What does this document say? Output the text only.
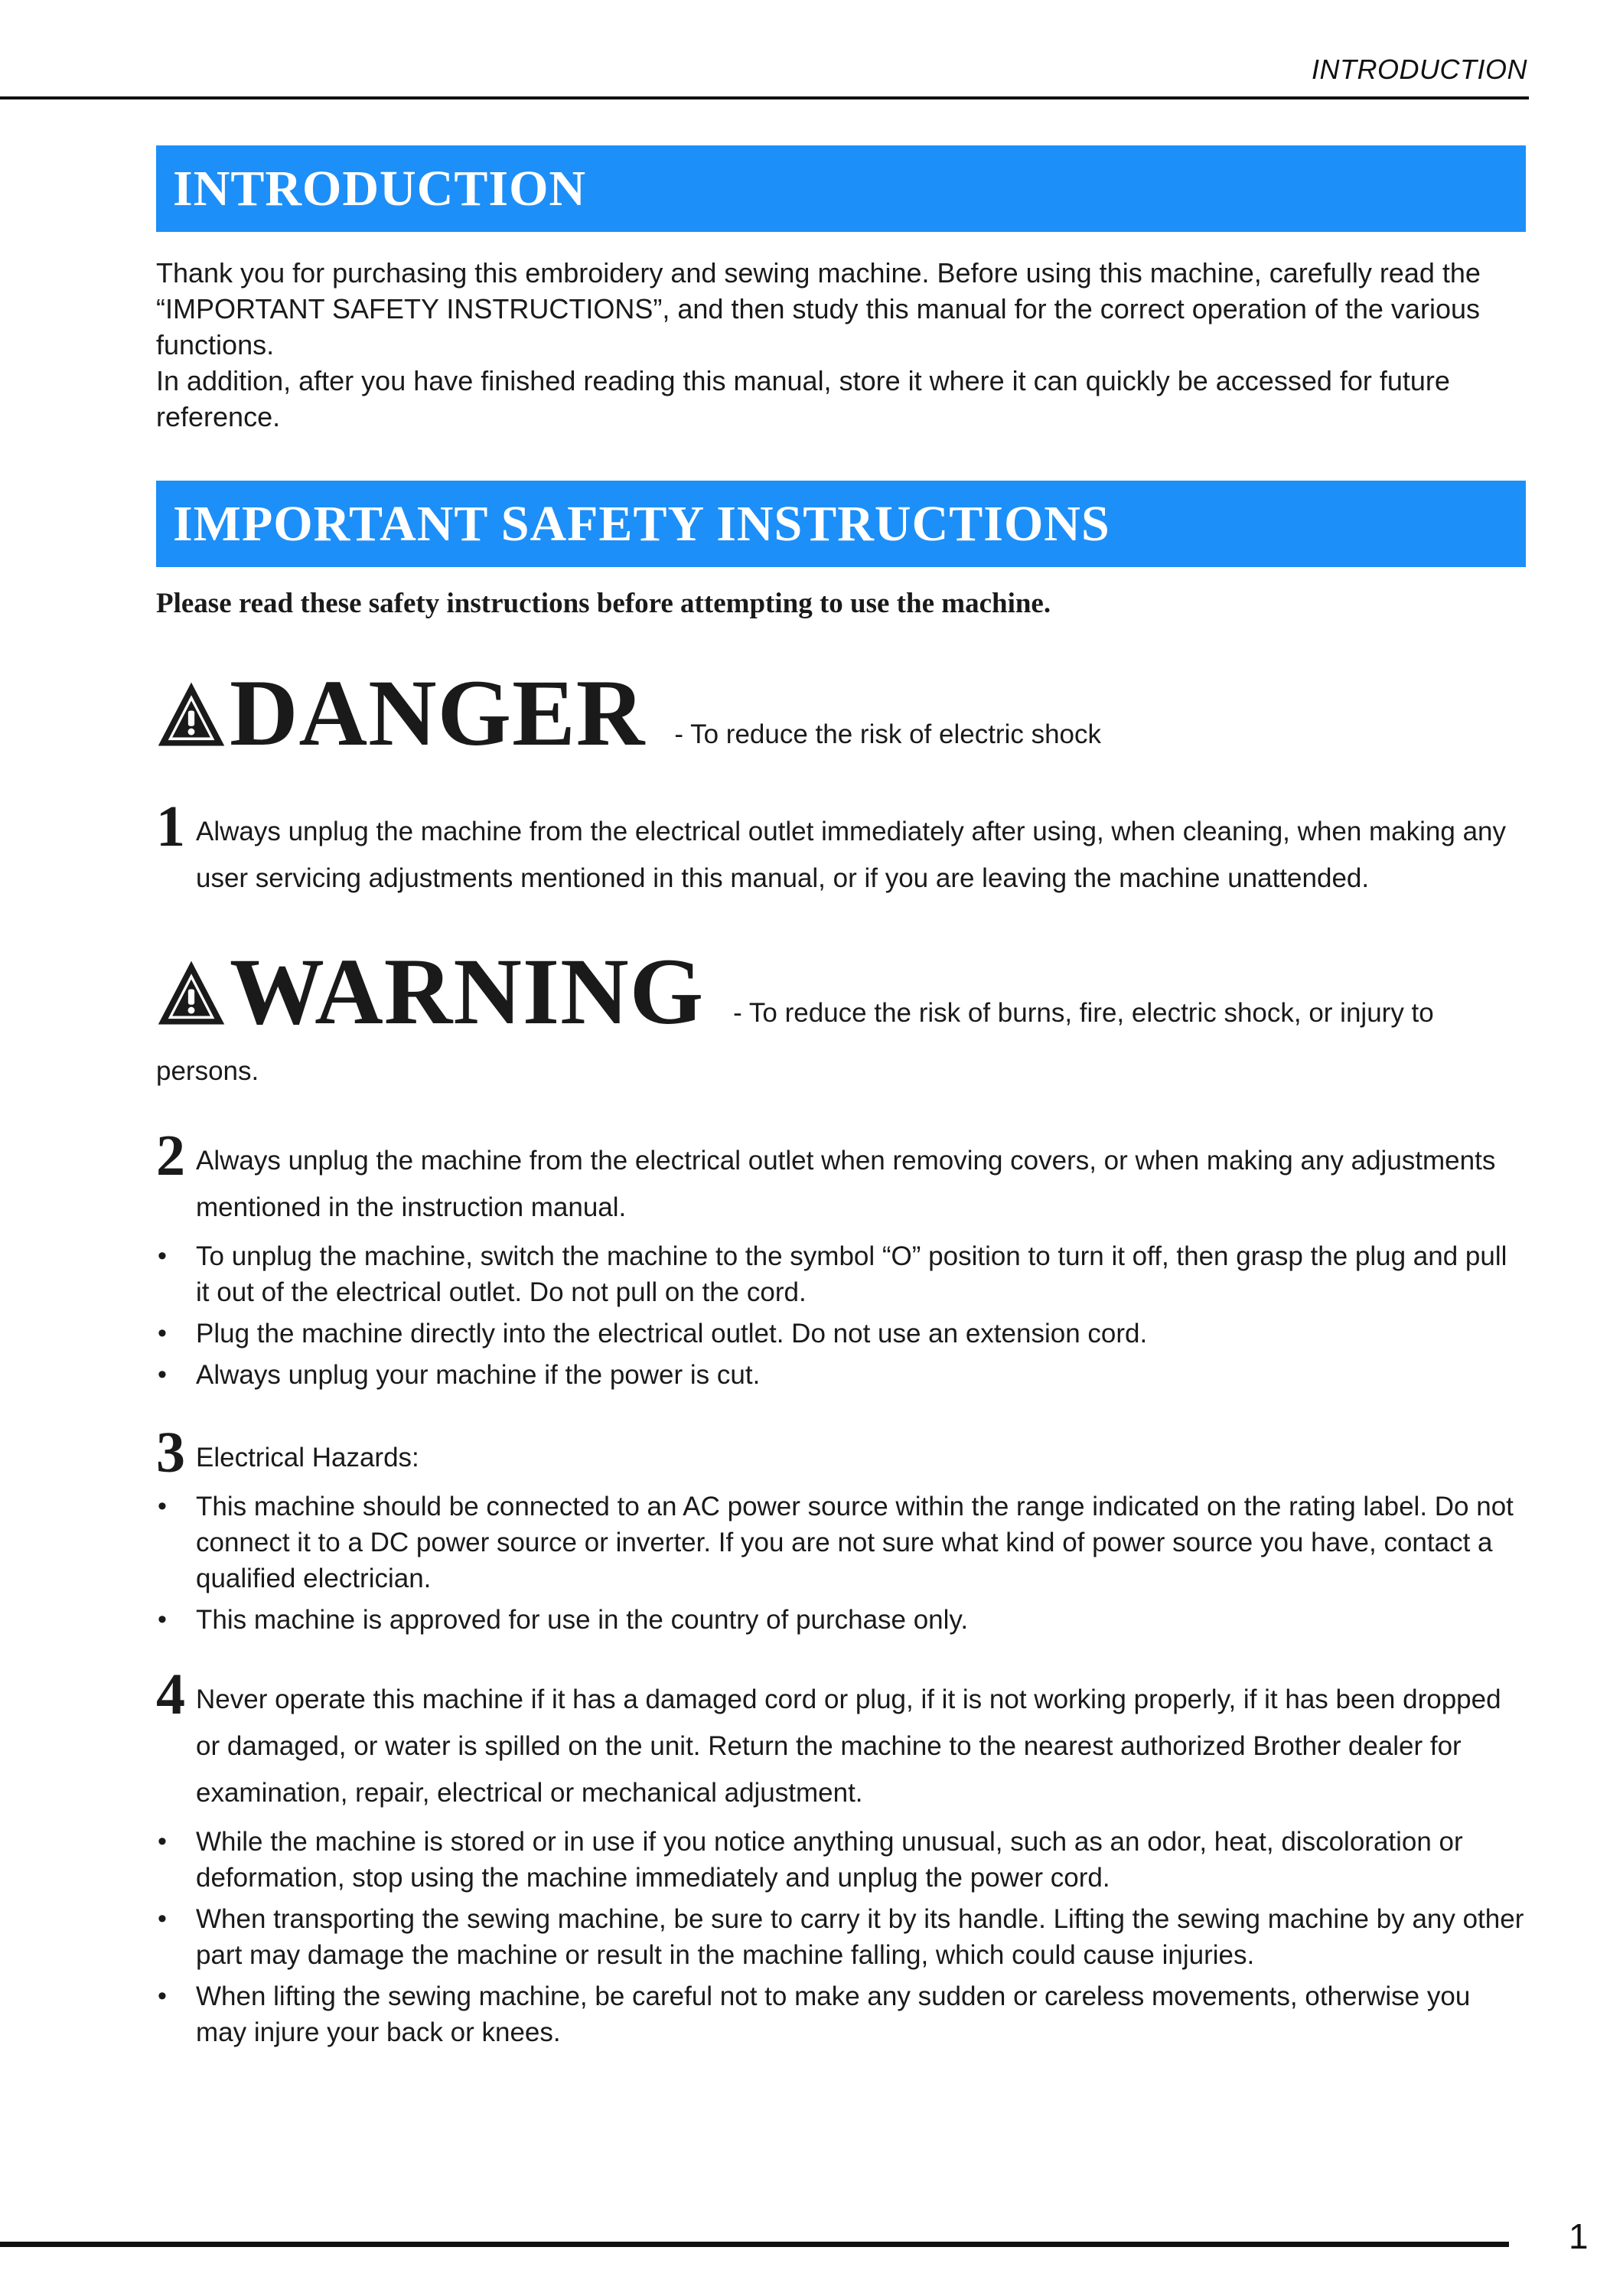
INTRODUCTION
INTRODUCTION

Thank you for purchasing this embroidery and sewing machine. Before using this machine, carefully read the “IMPORTANT SAFETY INSTRUCTIONS”, and then study this manual for the correct operation of the various functions.

In addition, after you have finished reading this manual, store it where it can quickly be accessed for future reference.

IMPORTANT SAFETY INSTRUCTIONS
Please read these safety instructions before attempting to use the machine.
DANGER - To reduce the risk of electric shock
1 Always unplug the machine from the electrical outlet immediately after using, when cleaning, when making any user servicing adjustments mentioned in this manual, or if you are leaving the machine unattended.
WARNING - To reduce the risk of burns, fire, electric shock, or injury to
persons.
2 Always unplug the machine from the electrical outlet when removing covers, or when making any adjustments mentioned in the instruction manual.
• To unplug the machine, switch the machine to the symbol “O” position to turn it off, then grasp the plug and pull it out of the electrical outlet. Do not pull on the cord.
• Plug the machine directly into the electrical outlet. Do not use an extension cord.
• Always unplug your machine if the power is cut.
3 Electrical Hazards:
• This machine should be connected to an AC power source within the range indicated on the rating label. Do not connect it to a DC power source or inverter. If you are not sure what kind of power source you have, contact a qualified electrician.
• This machine is approved for use in the country of purchase only.
4 Never operate this machine if it has a damaged cord or plug, if it is not working properly, if it has been dropped or damaged, or water is spilled on the unit. Return the machine to the nearest authorized Brother dealer for examination, repair, electrical or mechanical adjustment.
• While the machine is stored or in use if you notice anything unusual, such as an odor, heat, discoloration or deformation, stop using the machine immediately and unplug the power cord.
• When transporting the sewing machine, be sure to carry it by its handle. Lifting the sewing machine by any other part may damage the machine or result in the machine falling, which could cause injuries.
• When lifting the sewing machine, be careful not to make any sudden or careless movements, otherwise you may injure your back or knees.
1
